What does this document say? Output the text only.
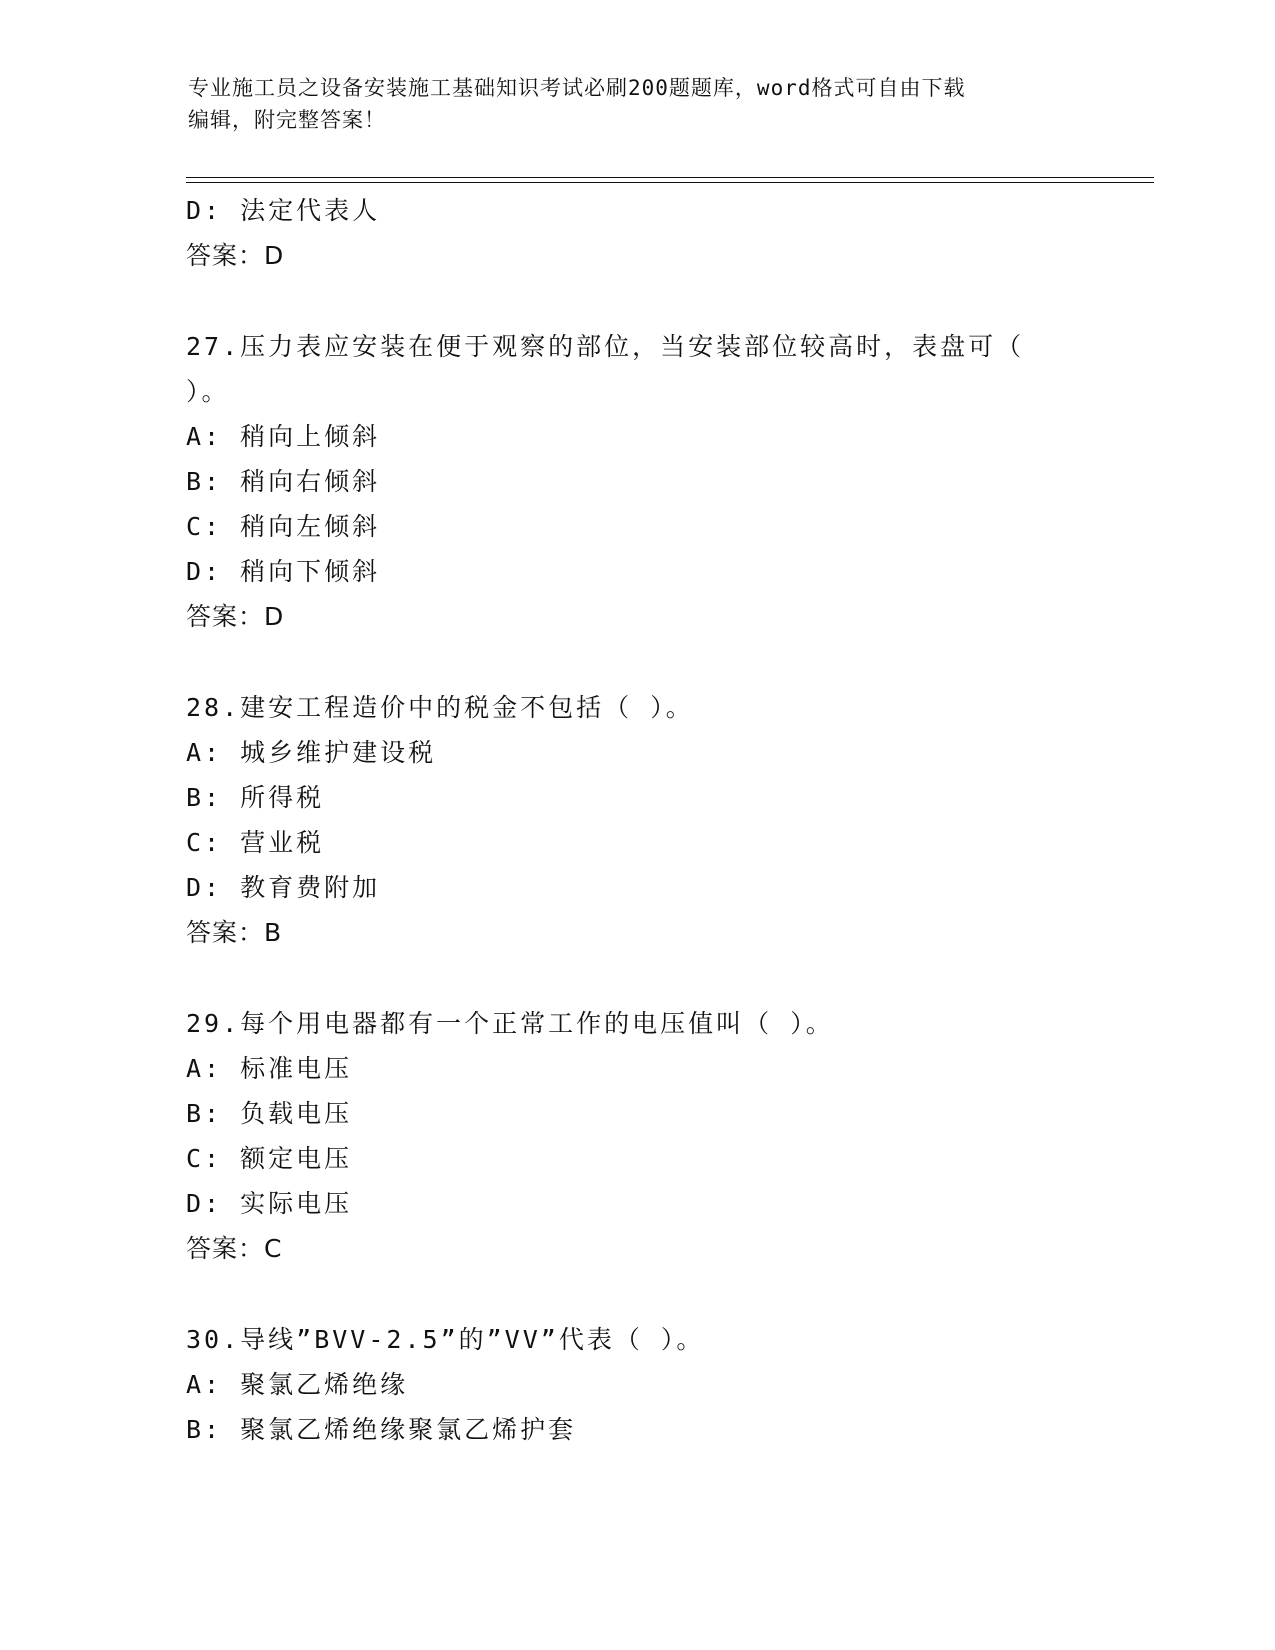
专业施工员之设备安装施工基础知识考试必刷200题题库，word格式可自由下载
编辑，附完整答案！
D: 法定代表人
答案：D
27.压力表应安装在便于观察的部位，当安装部位较高时，表盘可（
）。
A: 稍向上倾斜
B: 稍向右倾斜
C: 稍向左倾斜
D: 稍向下倾斜
答案：D
28.建安工程造价中的税金不包括（ ）。
A: 城乡维护建设税
B: 所得税
C: 营业税
D: 教育费附加
答案：B
29.每个用电器都有一个正常工作的电压值叫（ ）。
A: 标准电压
B: 负载电压
C: 额定电压
D: 实际电压
答案：C
30.导线”BVV-2.5”的”VV”代表（ ）。
A: 聚氯乙烯绝缘
B: 聚氯乙烯绝缘聚氯乙烯护套
